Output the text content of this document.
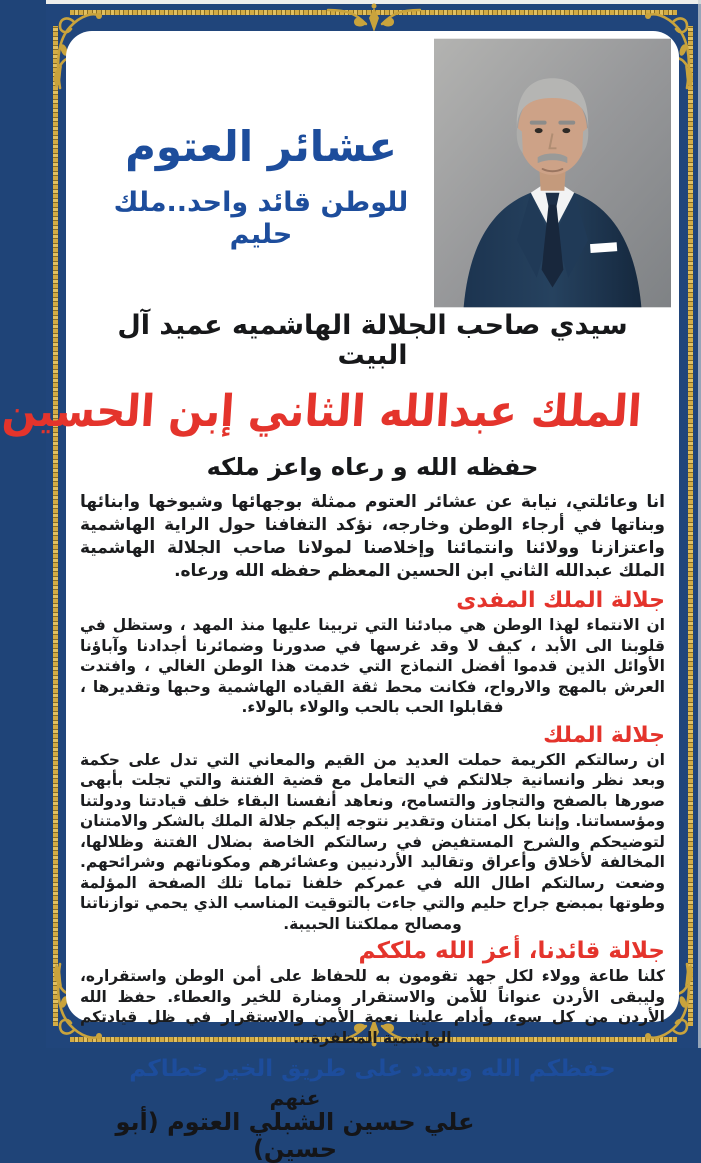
عشائر العتوم
للوطن قائد واحد..ملك حليم
سيدي صاحب الجلالة الهاشميه عميد آل البيت
الملك عبدالله الثاني إبن الحسين
حفظه الله و رعاه واعز ملكه

انا وعائلتي، نيابة عن عشائر العتوم ممثلة بوجهائها وشيوخها وابنائها وبناتها في أرجاء الوطن وخارجه، نؤكد التفافنا حول الراية الهاشمية واعتزازنا وولائنا وانتمائنا وإخلاصنا لمولانا صاحب الجلالة الهاشمية الملك عبدالله الثاني ابن الحسين المعظم حفظه الله ورعاه.

جلالة الملك المفدى

ان الانتماء لهذا الوطن هي مبادئنا التي تربينا عليها منذ المهد ، وستظل في قلوبنا الى الأبد ، كيف لا وقد غرسها في صدورنا وضمائرنا أجدادنا وآباؤنا الأوائل الذين قدموا أفضل النماذج التي خدمت هذا الوطن الغالي ، وافتدت العرش بالمهج والارواح، فكانت محط ثقة القياده الهاشمية وحبها وتقديرها ، فقابلوا الحب بالحب والولاء بالولاء.

جلالة الملك

ان رسالتكم الكريمة حملت العديد من القيم والمعاني التي تدل على حكمة وبعد نظر وانسانية جلالتكم في التعامل مع قضية الفتنة والتي تجلت بأبهى صورها بالصفح والتجاوز والتسامح، ونعاهد أنفسنا البقاء خلف قيادتنا ودولتنا ومؤسساتنا. وإننا بكل امتنان وتقدير نتوجه إليكم جلالة الملك بالشكر والامتنان لتوضيحكم والشرح المستفيض في رسالتكم الخاصة بضلال الفتنة وظلالها، المخالفة لأخلاق وأعراق وتقاليد الأردنيين وعشائرهم ومكوناتهم وشرائحهم. وضعت رسالتكم اطال الله في عمركم خلفنا تماما تلك الصفحة المؤلمة وطوتها بمبضع جراح حليم والتي جاءت بالتوقيت المناسب الذي يحمي توازناتنا ومصالح مملكتنا الحبيبة.

جلالة قائدنا، أعز الله ملككم

كلنا طاعة وولاء لكل جهد تقومون به للحفاظ على أمن الوطن واستقراره، وليبقى الأردن عنواناً للأمن والاستقرار ومنارة للخير والعطاء. حفظ الله الأردن من كل سوء، وأدام علينا نعمة الأمن والاستقرار في ظل قيادتكم الهاشمية المظفرة...

حفظكم الله وسدد على طريق الخير خطاكم
عنهم
علي حسين الشبلي العتوم (أبو حسين)
